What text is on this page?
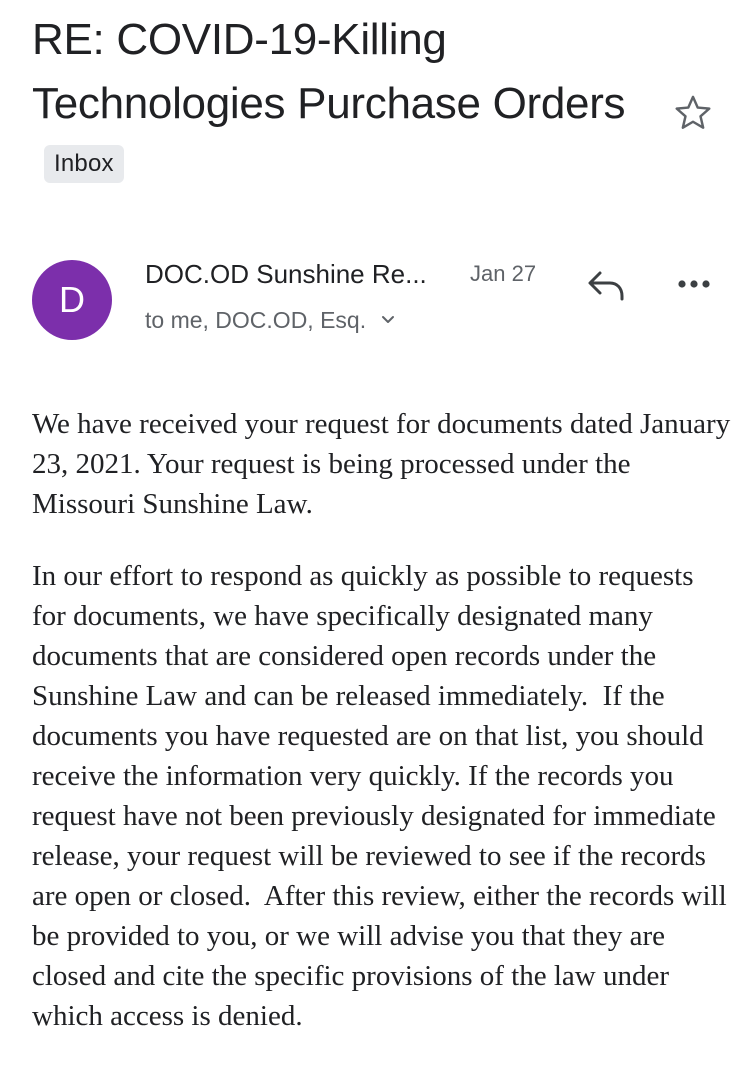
RE: COVID-19-Killing Technologies Purchase OrdersInbox
D
DOC.OD Sunshine Re... Jan 27
to me, DOC.OD, Esq.

We have received your request for documents dated January 23, 2021. Your request is being processed under the Missouri Sunshine Law.

In our effort to respond as quickly as possible to requests for documents, we have specifically designated many documents that are considered open records under the Sunshine Law and can be released immediately.  If the documents you have requested are on that list, you should receive the information very quickly. If the records you request have not been previously designated for immediate release, your request will be reviewed to see if the records are open or closed.  After this review, either the records will be provided to you, or we will advise you that they are closed and cite the specific provisions of the law under which access is denied.
